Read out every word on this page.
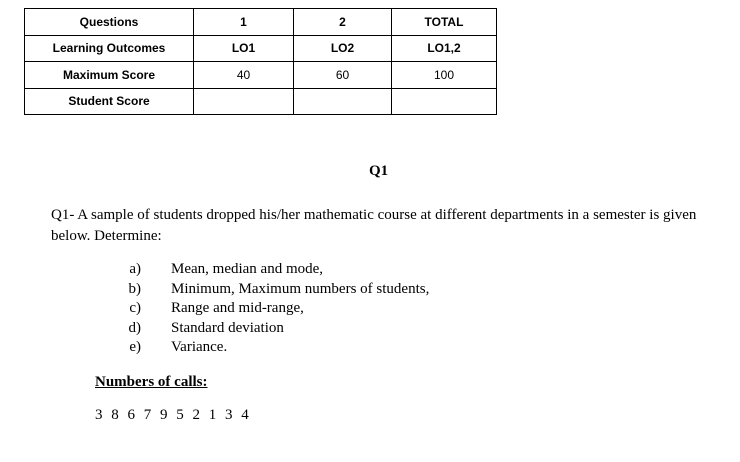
Questions	1	2	TOTAL
Learning Outcomes	LO1	LO2	LO1,2
Maximum Score	40	60	100
Student Score			
Q1
Q1- A sample of students dropped his/her mathematic course at different departments in a semester is given below. Determine:
a)	Mean, median and mode,
b)	Minimum, Maximum numbers of students,
c)	Range and mid-range,
d)	Standard deviation
e)	Variance.
Numbers of calls:
3 8 6 7 9 5 2 1 3 4
